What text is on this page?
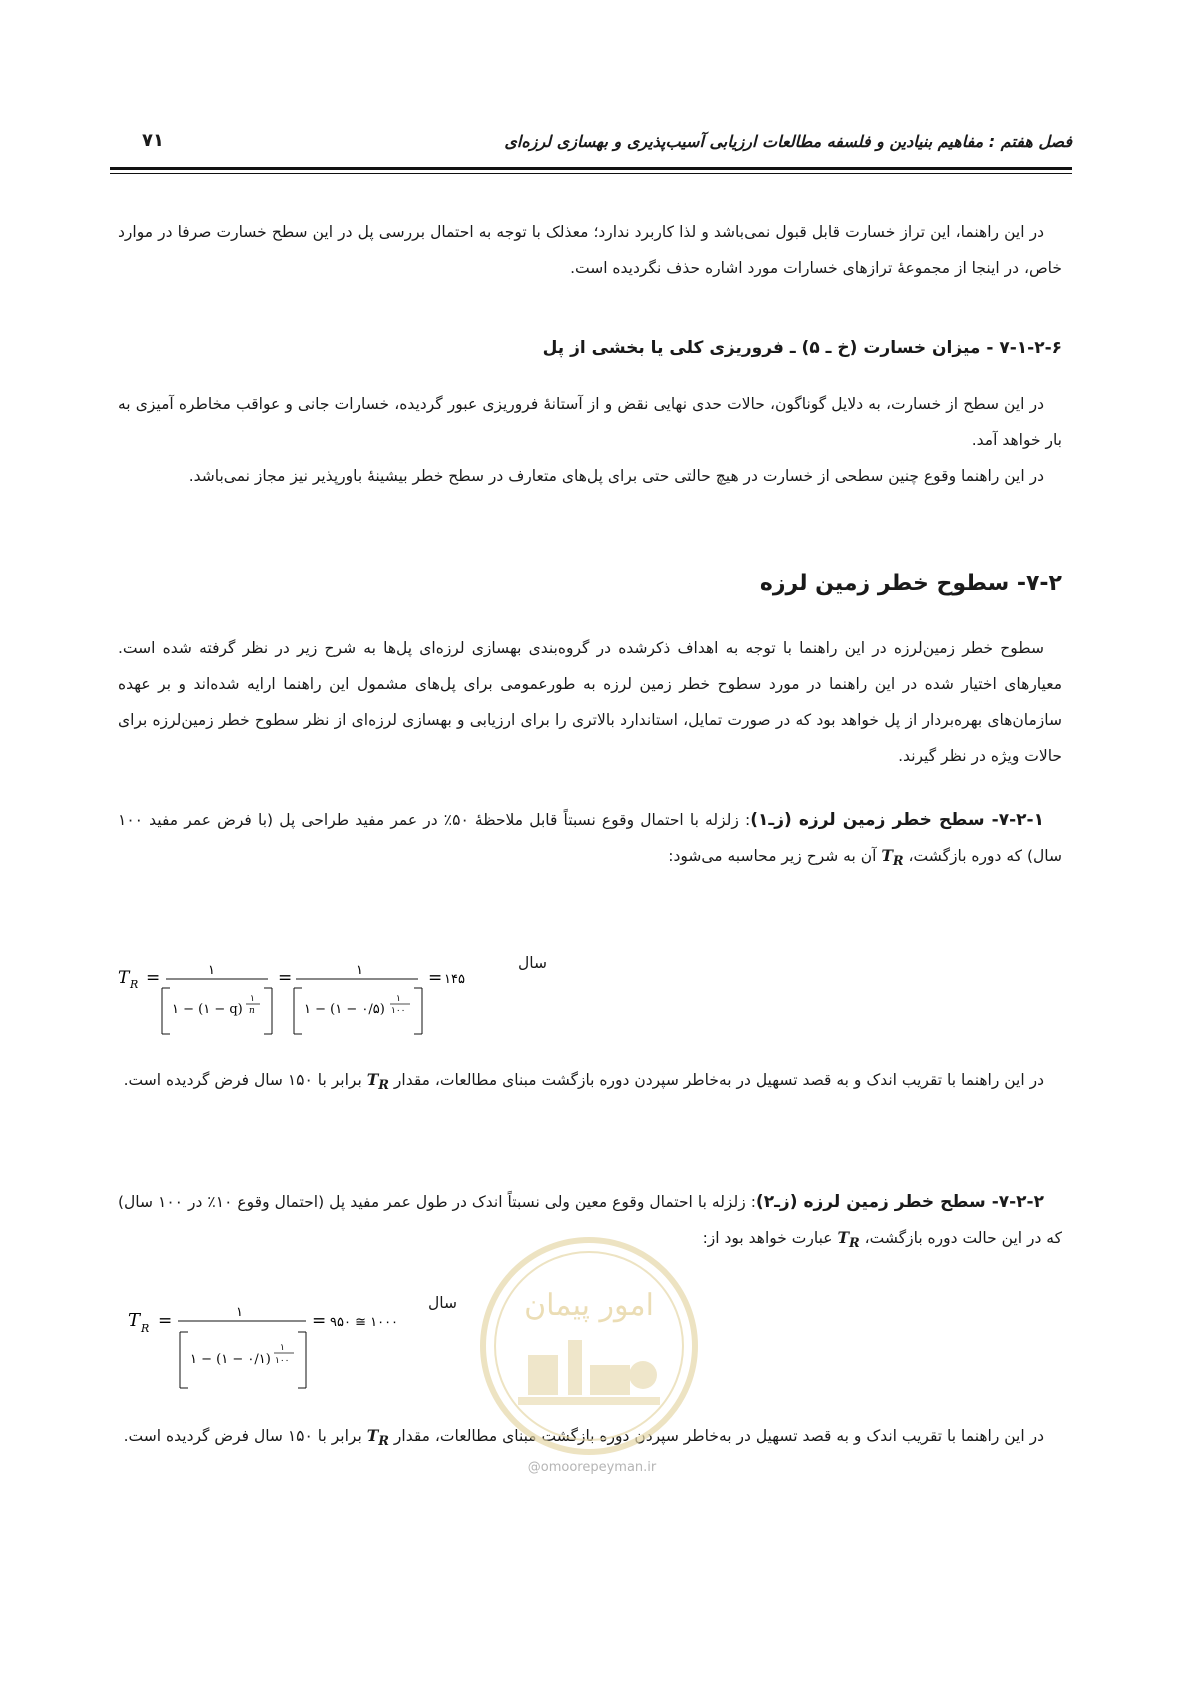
فصل هفتم : مفاهیم بنیادین و فلسفه مطالعات ارزیابی آسیب‌پذیری و بهسازی لرزه‌ای
۷۱

در این راهنما، این تراز خسارت قابل قبول نمی‌باشد و لذا کاربرد ندارد؛ معذلک با توجه به احتمال بررسی پل در این سطح خسارت صرفا در موارد خاص، در اینجا از مجموعهٔ ترازهای خسارات مورد اشاره حذف نگردیده است.

۷-۱-۲-۶ - میزان خسارت (خ ـ ۵) ـ فروریزی کلی یا بخشی از پل

در این سطح از خسارت، به دلایل گوناگون، حالات حدی نهایی نقض و از آستانهٔ فروریزی عبور گردیده، خسارات جانی و عواقب مخاطره آمیزی به بار خواهد آمد.

در این راهنما وقوع چنین سطحی از خسارت در هیچ حالتی حتی برای پل‌های متعارف در سطح خطر بیشینهٔ باورپذیر نیز مجاز نمی‌باشد.

۷-۲- سطوح خطر زمین لرزه

سطوح خطر زمین‌لرزه در این راهنما با توجه به اهداف ذکرشده در گروه‌بندی بهسازی لرزه‌ای پل‌ها به شرح زیر در نظر گرفته شده است. معیارهای اختیار شده در این راهنما در مورد سطوح خطر زمین لرزه به طورعمومی برای پل‌های مشمول این راهنما ارایه شده‌اند و بر عهده سازمان‌های بهره‌بردار از پل خواهد بود که در صورت تمایل، استاندارد بالاتری را برای ارزیابی و بهسازی لرزه‌ای از نظر سطوح خطر زمین‌لرزه برای حالات ویژه در نظر گیرند.

۷-۲-۱- سطح خطر زمین لرزه (زـ۱): زلزله با احتمال وقوع نسبتاً قابل ملاحظهٔ ۵۰٪ در عمر مفید طراحی پل (با فرض عمر مفید ۱۰۰ سال) که دوره بازگشت، $T_R$ آن به شرح زیر محاسبه می‌شود:

T R =	۱
۱ − (۱ − q)
۱
n
=	۱
۱ − (۱ − ۰/۵)
۱
۱۰۰
= ۱۴۵
سال

در این راهنما با تقریب اندک و به قصد تسهیل در به‌خاطر سپردن دوره بازگشت مبنای مطالعات، مقدار $T_R$ برابر با ۱۵۰ سال فرض گردیده است.

۷-۲-۲- سطح خطر زمین لرزه (زـ۲): زلزله با احتمال وقوع معین ولی نسبتاً اندک در طول عمر مفید پل (احتمال وقوع ۱۰٪ در ۱۰۰ سال) که در این حالت دوره بازگشت، $T_R$ عبارت خواهد بود از:

T R =	۱
۱ − (۱ − ۰/۱)
۱
۱۰۰
= ۹۵۰ ≅ ۱۰۰۰
سال

در این راهنما با تقریب اندک و به قصد تسهیل در به‌خاطر سپردن دوره بازگشت مبنای مطالعات، مقدار $T_R$ برابر با ۱۵۰ سال فرض گردیده است.

امور پیمان
@omoorepeyman.ir
